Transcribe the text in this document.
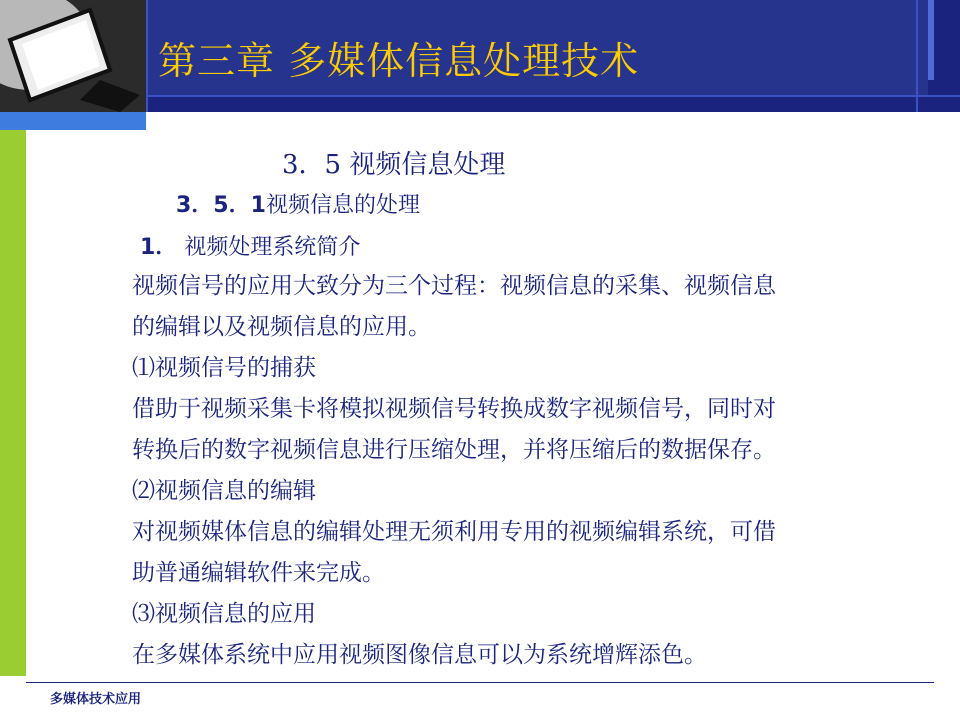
第三章 多媒体信息处理技术
3．5 视频信息处理
3．5．1视频信息的处理
1． 视频处理系统简介
视频信号的应用大致分为三个过程：视频信息的采集、视频信息
的编辑以及视频信息的应用。
⑴视频信号的捕获
借助于视频采集卡将模拟视频信号转换成数字视频信号，同时对
转换后的数字视频信息进行压缩处理，并将压缩后的数据保存。
⑵视频信息的编辑
对视频媒体信息的编辑处理无须利用专用的视频编辑系统，可借
助普通编辑软件来完成。
⑶视频信息的应用
在多媒体系统中应用视频图像信息可以为系统增辉添色。
多媒体技术应用
